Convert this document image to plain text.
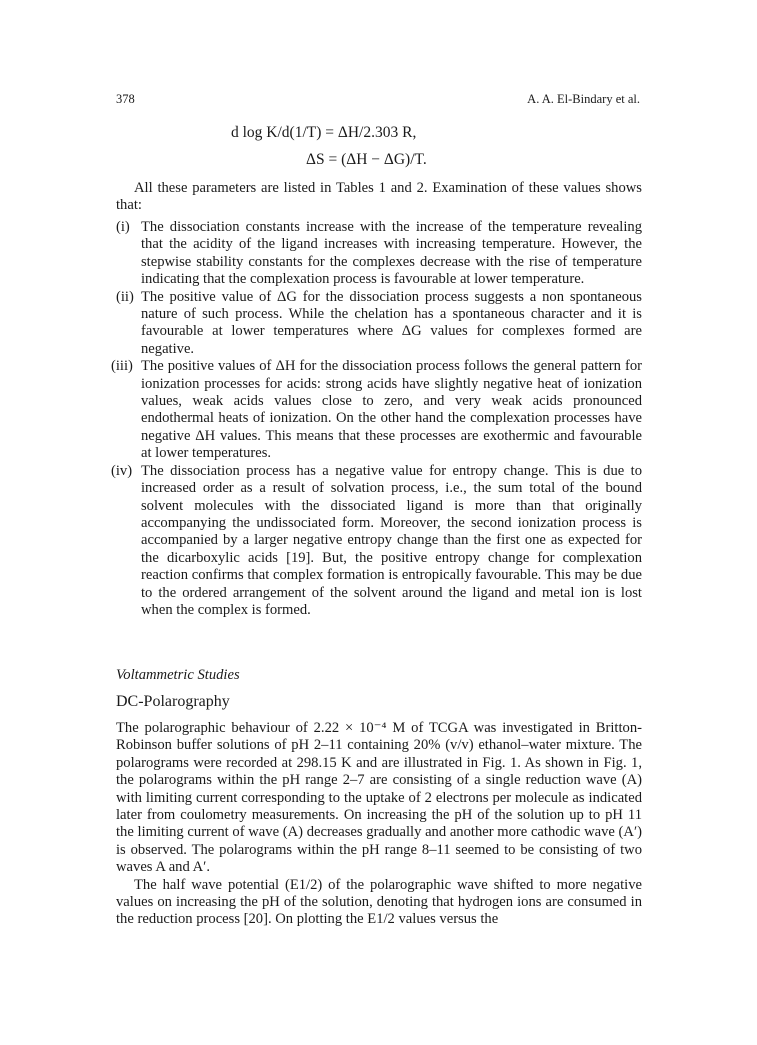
378	A. A. El-Bindary et al.
d log K/d(1/T) = ΔH/2.303 R,
ΔS = (ΔH − ΔG)/T.

All these parameters are listed in Tables 1 and 2. Examination of these values shows that:

(i) The dissociation constants increase with the increase of the temperature revealing that the acidity of the ligand increases with increasing temperature. However, the stepwise stability constants for the complexes decrease with the rise of temperature indicating that the complexation process is favourable at lower temperature.

(ii) The positive value of ΔG for the dissociation process suggests a non spontaneous nature of such process. While the chelation has a spontaneous character and it is favourable at lower temperatures where ΔG values for complexes formed are negative.

(iii) The positive values of ΔH for the dissociation process follows the general pattern for ionization processes for acids: strong acids have slightly negative heat of ionization values, weak acids values close to zero, and very weak acids pronounced endothermal heats of ionization. On the other hand the complexation processes have negative ΔH values. This means that these processes are exothermic and favourable at lower temperatures.

(iv) The dissociation process has a negative value for entropy change. This is due to increased order as a result of solvation process, i.e., the sum total of the bound solvent molecules with the dissociated ligand is more than that originally accompanying the undissociated form. Moreover, the second ionization process is accompanied by a larger negative entropy change than the first one as expected for the dicarboxylic acids [19]. But, the positive entropy change for complexation reaction confirms that complex formation is entropically favourable. This may be due to the ordered arrangement of the solvent around the ligand and metal ion is lost when the complex is formed.

Voltammetric Studies
DC-Polarography

The polarographic behaviour of 2.22 × 10⁻⁴ M of TCGA was investigated in Britton-Robinson buffer solutions of pH 2–11 containing 20% (v/v) ethanol–water mixture. The polarograms were recorded at 298.15 K and are illustrated in Fig. 1. As shown in Fig. 1, the polarograms within the pH range 2–7 are consisting of a single reduction wave (A) with limiting current corresponding to the uptake of 2 electrons per molecule as indicated later from coulometry measurements. On increasing the pH of the solution up to pH 11 the limiting current of wave (A) decreases gradually and another more cathodic wave (A′) is observed. The polarograms within the pH range 8–11 seemed to be consisting of two waves A and A′.

The half wave potential (E1/2) of the polarographic wave shifted to more negative values on increasing the pH of the solution, denoting that hydrogen ions are consumed in the reduction process [20]. On plotting the E1/2 values versus the
